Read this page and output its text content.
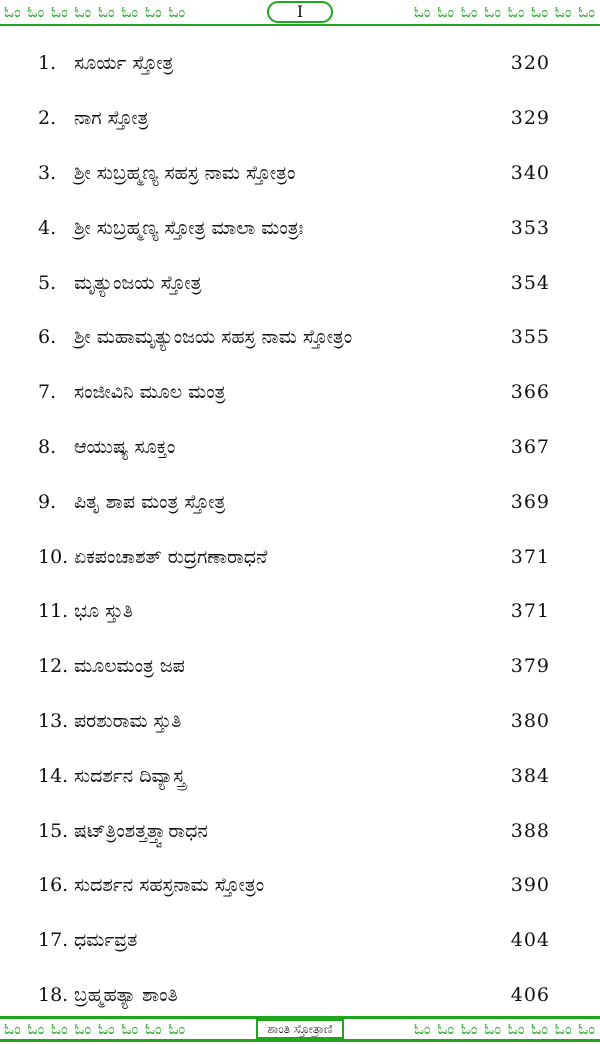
ಓಂ ಓಂ ಓಂ ಓಂ ಓಂ ಓಂ ಓಂ ಓಂ	I	ಓಂ ಓಂ ಓಂ ಓಂ ಓಂ ಓಂ ಓಂ ಓಂ
1. ಸೂರ್ಯ ಸ್ತೋತ್ರ	320
2. ನಾಗ ಸ್ತೋತ್ರ	329
3. ಶ್ರೀ ಸುಬ್ರಹ್ಮಣ್ಯ ಸಹಸ್ರ ನಾಮ ಸ್ತೋತ್ರಂ	340
4. ಶ್ರೀ ಸುಬ್ರಹ್ಮಣ್ಯ ಸ್ತೋತ್ರ ಮಾಲಾ ಮಂತ್ರಃ	353
5. ಮೃತ್ಯುಂಜಯ ಸ್ತೋತ್ರ	354
6. ಶ್ರೀ ಮಹಾಮೃತ್ಯುಂಜಯ ಸಹಸ್ರ ನಾಮ ಸ್ತೋತ್ರಂ	355
7. ಸಂಜೀವಿನಿ ಮೂಲ ಮಂತ್ರ	366
8. ಆಯುಷ್ಯ ಸೂಕ್ತಂ	367
9. ಪಿತೃ ಶಾಪ ಮಂತ್ರ ಸ್ತೋತ್ರ	369
10. ಏಕಪಂಚಾಶತ್ ರುದ್ರಗಣಾರಾಧನೆ	371
11. ಭೂ ಸ್ತುತಿ	371
12. ಮೂಲಮಂತ್ರ ಜಪ	379
13. ಪರಶುರಾಮ ಸ್ತುತಿ	380
14. ಸುದರ್ಶನ ದಿವ್ಯಾಸ್ತ್ರ	384
15. ಷಟ್‌ತ್ರಿಂಶತ್ತತ್ತ್ವಾರಾಧನ	388
16. ಸುದರ್ಶನ ಸಹಸ್ರನಾಮ ಸ್ತೋತ್ರಂ	390
17. ಧರ್ಮವ್ರತ	404
18. ಬ್ರಹ್ಮಹತ್ಯಾ ಶಾಂತಿ	406
ಓಂ ಓಂ ಓಂ ಓಂ ಓಂ ಓಂ ಓಂ ಓಂ	ಶಾಂತಿ ಸ್ತೋತ್ರಾಣಿ	ಓಂ ಓಂ ಓಂ ಓಂ ಓಂ ಓಂ ಓಂ ಓಂ
